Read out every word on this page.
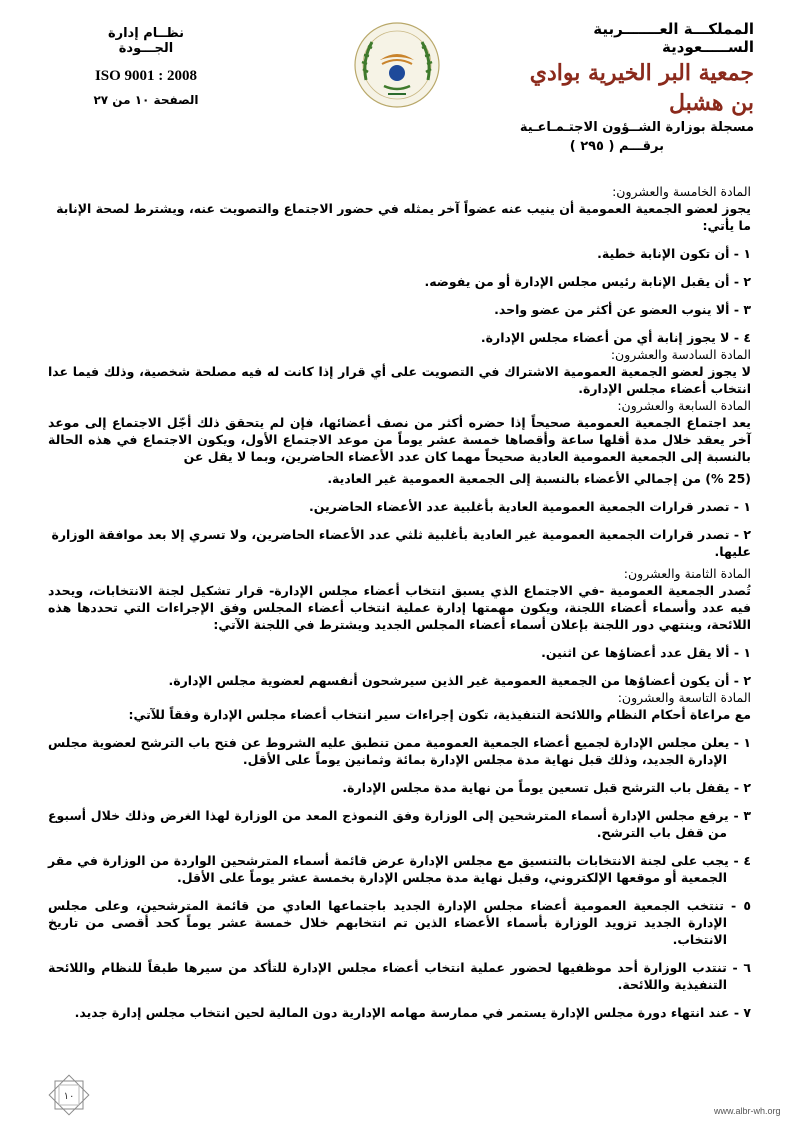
المملكـــة العـــــــربية الســـــعودية
جمعية البر الخيرية بوادي بن هشبل
مسجلة بوزارة الشــؤون الاجتـمـاعـية
برقـــم ( ٢٩٥ )
نظــام إدارة الجـــودة
ISO 9001 : 2008
الصفحة ١٠ من ٢٧

المادة الخامسة والعشرون:

يجوز لعضو الجمعية العمومية أن ينيب عنه عضواً آخر يمثله في حضور الاجتماع والتصويت عنه، ويشترط لصحة الإنابة ما يأتي:

١ - أن تكون الإنابة خطية.

٢ - أن يقبل الإنابة رئيس مجلس الإدارة أو من يفوضه.

٣ - ألا ينوب العضو عن أكثر من عضو واحد.

٤ - لا يجوز إنابة أي من أعضاء مجلس الإدارة.

المادة السادسة والعشرون:

لا يجوز لعضو الجمعية العمومية الاشتراك في التصويت على أي قرار إذا كانت له فيه مصلحة شخصية، وذلك فيما عدا انتخاب أعضاء مجلس الإدارة.

المادة السابعة والعشرون:

يعد اجتماع الجمعية العمومية صحيحاً إذا حضره أكثر من نصف أعضائها، فإن لم يتحقق ذلك أجّل الاجتماع إلى موعد آخر يعقد خلال مدة أقلها ساعة وأقصاها خمسة عشر يوماً من موعد الاجتماع الأول، ويكون الاجتماع في هذه الحالة بالنسبة إلى الجمعية العمومية العادية صحيحاً مهما كان عدد الأعضاء الحاضرين، وبما لا يقل عن

(25 %) من إجمالي الأعضاء بالنسبة إلى الجمعية العمومية غير العادية.

١ - تصدر قرارات الجمعية العمومية العادية بأغلبية عدد الأعضاء الحاضرين.

٢ - تصدر قرارات الجمعية العمومية غير العادية بأغلبية ثلثي عدد الأعضاء الحاضرين، ولا تسري إلا بعد موافقة الوزارة عليها.

المادة الثامنة والعشرون:

تُصدر الجمعية العمومية -في الاجتماع الذي يسبق انتخاب أعضاء مجلس الإدارة- قرار تشكيل لجنة الانتخابات، ويحدد فيه عدد وأسماء أعضاء اللجنة، ويكون مهمتها إدارة عملية انتخاب أعضاء المجلس وفق الإجراءات التي تحددها هذه اللائحة، وينتهي دور اللجنة بإعلان أسماء أعضاء المجلس الجديد ويشترط في اللجنة الآتي:

١ - ألا يقل عدد أعضاؤها عن اثنين.

٢ - أن يكون أعضاؤها من الجمعية العمومية غير الذين سيرشحون أنفسهم لعضوية مجلس الإدارة.

المادة التاسعة والعشرون:

مع مراعاة أحكام النظام واللائحة التنفيذية، تكون إجراءات سير انتخاب أعضاء مجلس الإدارة وفقاً للآتي:

١ - يعلن مجلس الإدارة لجميع أعضاء الجمعية العمومية ممن تنطبق عليه الشروط عن فتح باب الترشح لعضوية مجلس الإدارة الجديد، وذلك قبل نهاية مدة مجلس الإدارة بمائة وثمانين يوماً على الأقل.

٢ - يقفل باب الترشح قبل تسعين يوماً من نهاية مدة مجلس الإدارة.

٣ - يرفع مجلس الإدارة أسماء المترشحين إلى الوزارة وفق النموذج المعد من الوزارة لهذا الغرض وذلك خلال أسبوع من قفل باب الترشح.

٤ - يجب على لجنة الانتخابات بالتنسيق مع مجلس الإدارة عرض قائمة أسماء المترشحين الواردة من الوزارة في مقر الجمعية أو موقعها الإلكتروني، وقبل نهاية مدة مجلس الإدارة بخمسة عشر يوماً على الأقل.

٥ - تنتخب الجمعية العمومية أعضاء مجلس الإدارة الجديد باجتماعها العادي من قائمة المترشحين، وعلى مجلس الإدارة الجديد تزويد الوزارة بأسماء الأعضاء الذين تم انتخابهم خلال خمسة عشر يوماً كحد أقصى من تاريخ الانتخاب.

٦ - تنتدب الوزارة أحد موظفيها لحضور عملية انتخاب أعضاء مجلس الإدارة للتأكد من سيرها طبقاً للنظام واللائحة التنفيذية واللائحة.

٧ - عند انتهاء دورة مجلس الإدارة يستمر في ممارسة مهامه الإدارية دون المالية لحين انتخاب مجلس إدارة جديد.

١٠
www.albr-wh.org
